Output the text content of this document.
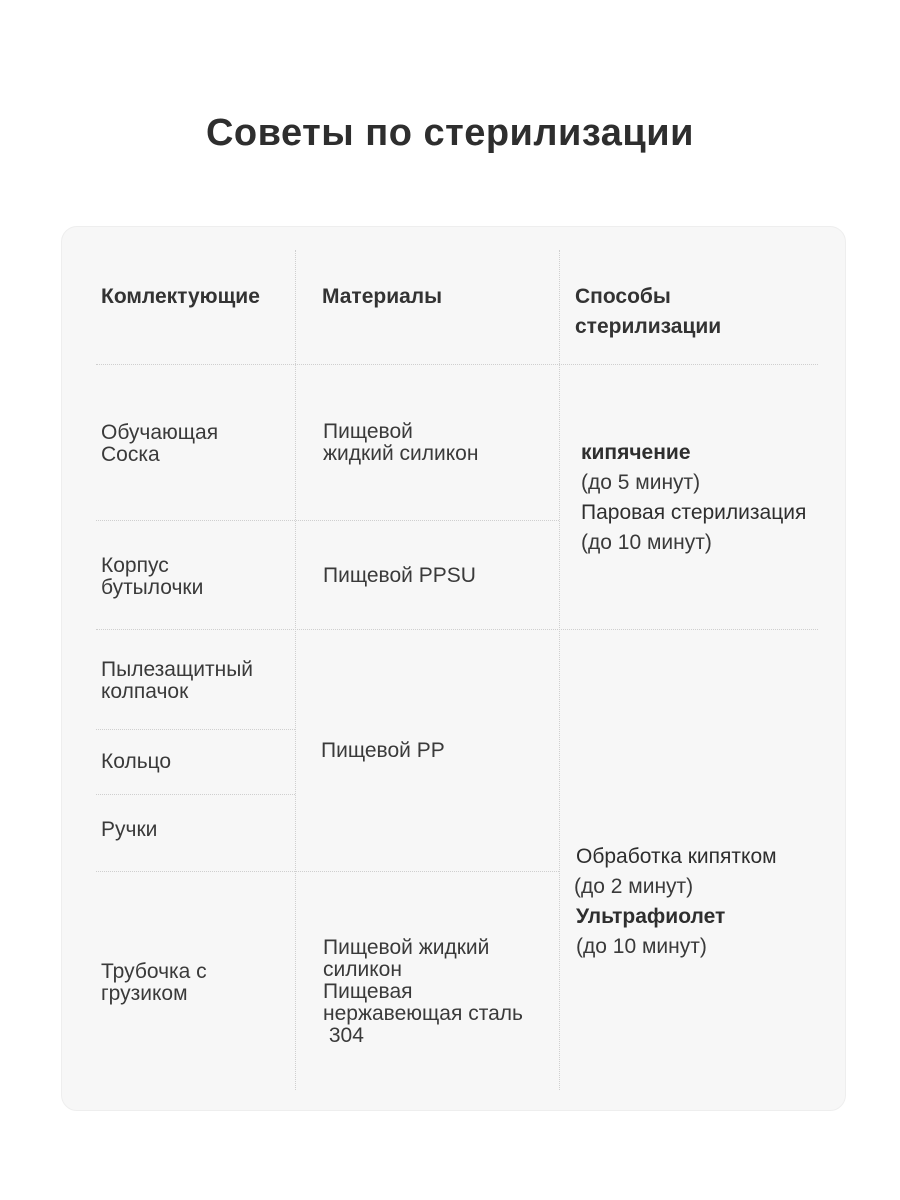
Советы по стерилизации
Комлектующие	Материалы	Способы
стерилизации
Обучающая
Соска
Корпус
бутылочки
Пылезащитный
колпачок
Кольцо
Ручки
Трубочка с
грузиком
Пищевой
жидкий силикон
Пищевой PPSU
Пищевой PP
Пищевой жидкий
силикон
Пищевая
нержавеющая сталь
304
кипячение
(до 5 минут)
Паровая стерилизация
(до 10 минут)
Обработка кипятком
(до 2 минут)
Ультрафиолет
(до 10 минут)
